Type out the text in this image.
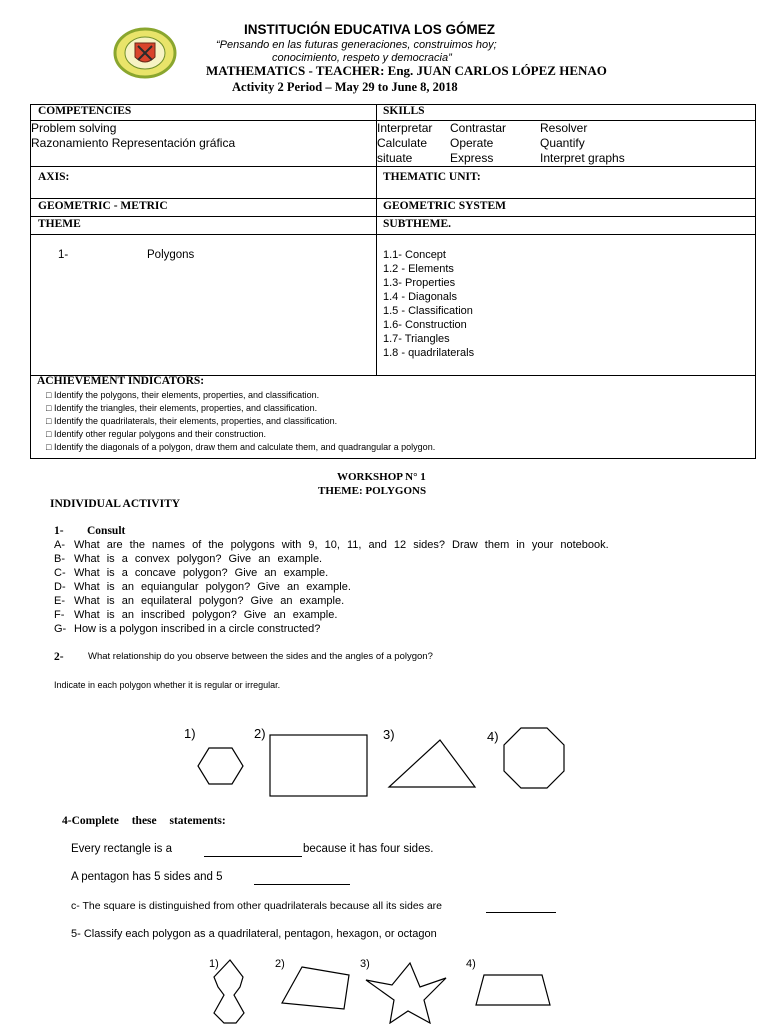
INSTITUCIÓN EDUCATIVA LOS GÓMEZ
“Pensando en las futuras generaciones, construimos hoy;
conocimiento, respeto y democracia”
MATHEMATICS - TEACHER: Eng. JUAN CARLOS LÓPEZ HENAO
Activity 2 Period – May 29 to June 8, 2018
COMPETENCIES	SKILLS
Problem solving
Razonamiento Representación gráfica
Interpretar Contrastar	Resolver
Calculate Operate	Quantify
situate	Express	Interpret graphs
AXIS:	THEMATIC UNIT:
GEOMETRIC - METRIC	GEOMETRIC SYSTEM
THEME	SUBTHEME.
1-	Polygons	1.1- Concept
1.2 - Elements
1.3- Properties
1.4 - Diagonals
1.5 - Classification
1.6- Construction
1.7- Triangles
1.8 - quadrilaterals
ACHIEVEMENT INDICATORS:
□ Identify the polygons, their elements, properties, and classification.
□ Identify the triangles, their elements, properties, and classification.
□ Identify the quadrilaterals, their elements, properties, and classification.
□ Identify other regular polygons and their construction.
□ Identify the diagonals of a polygon, draw them and calculate them, and quadrangular a polygon.
WORKSHOP N° 1
THEME: POLYGONS
INDIVIDUAL ACTIVITY
1- Consult
A- What are the names of the polygons with 9, 10, 11, and 12 sides? Draw them in your notebook.
B- What is a convex polygon? Give an example.
C- What is a concave polygon? Give an example.
D- What is an equiangular polygon? Give an example.
E- What is an equilateral polygon? Give an example.
F- What is an inscribed polygon? Give an example.
G- How is a polygon inscribed in a circle constructed?
2-	What relationship do you observe between the sides and the angles of a polygon?
Indicate in each polygon whether it is regular or irregular.
1)	2)	3)	4)
4-Complete these statements:
Every rectangle is a	because it has four sides.
A pentagon has 5 sides and 5
c- The square is distinguished from other quadrilaterals because all its sides are
5- Classify each polygon as a quadrilateral, pentagon, hexagon, or octagon
1)	2)	3)	4)
